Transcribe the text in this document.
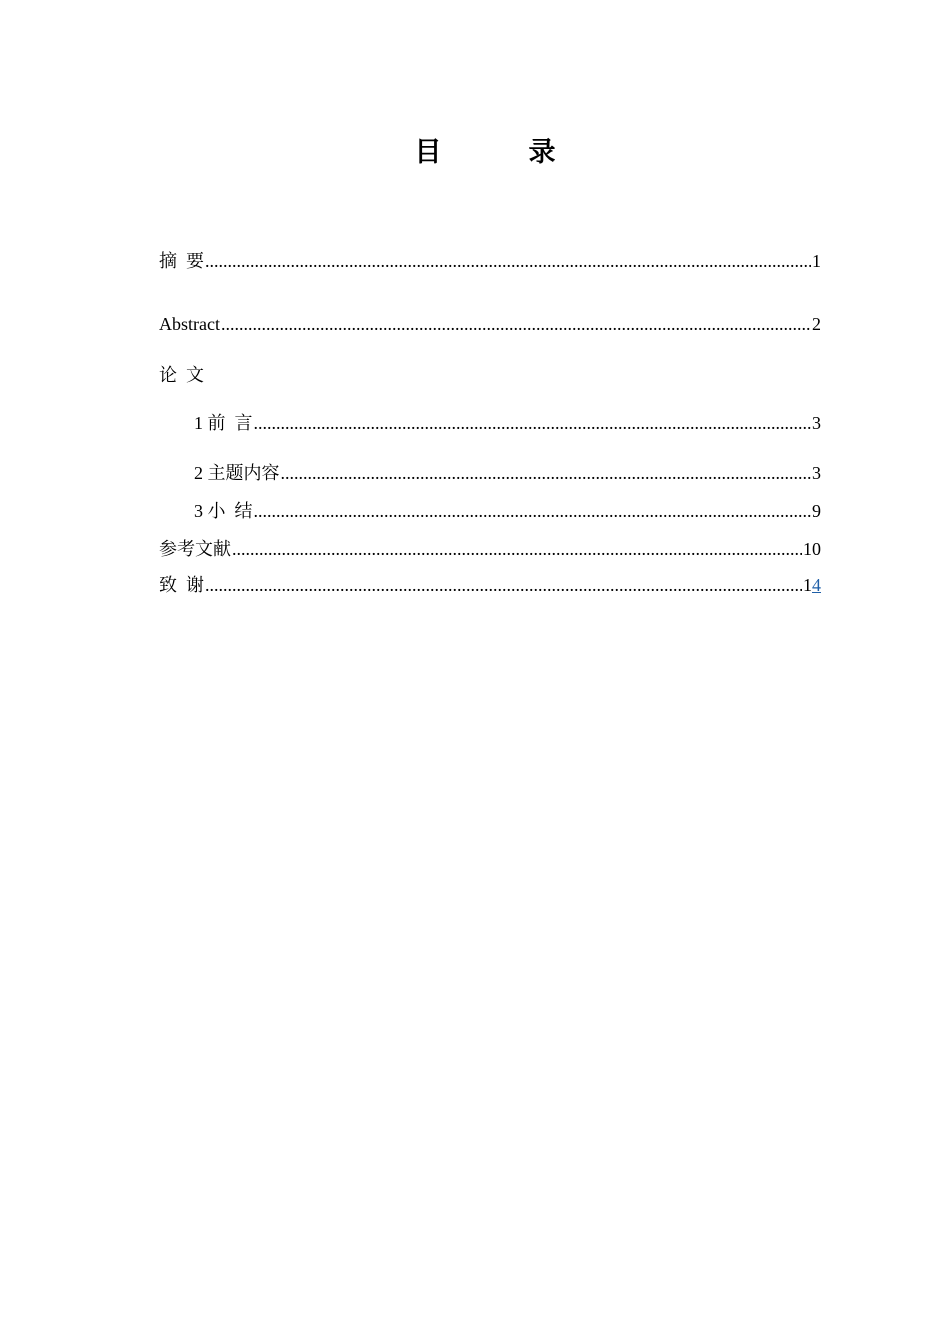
目　录
摘  要 .....	1
Abstract .....	2
论  文
1 前  言 .....	3
2 主题内容 .....	3
3 小  结 .....	9
参考文献 .....	10
致  谢 .....	14
